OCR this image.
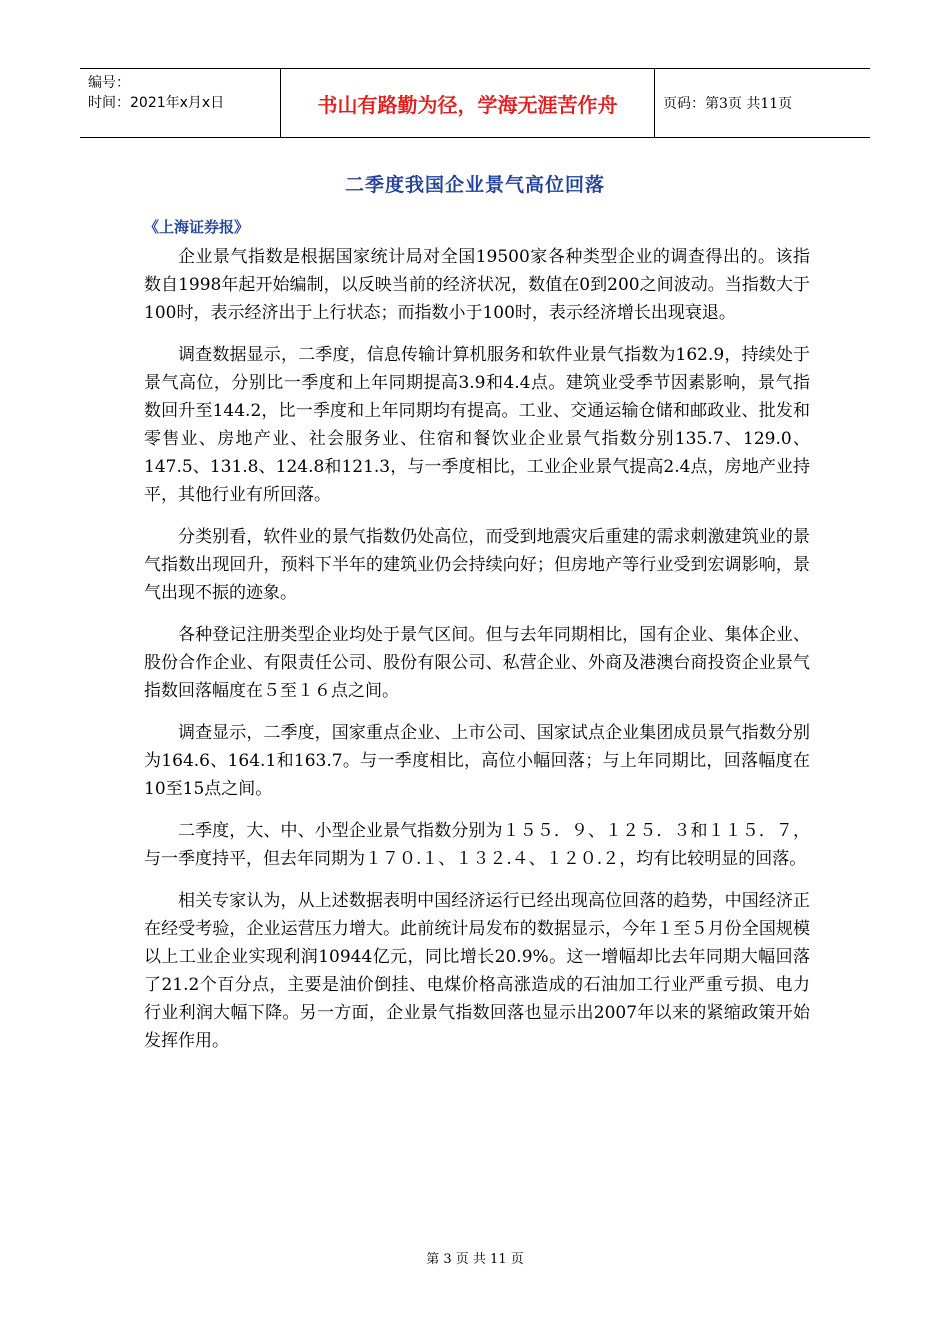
编号：
时间：2021年x月x日	书山有路勤为径，学海无涯苦作舟	页码：第3页 共11页
二季度我国企业景气高位回落
《上海证券报》

企业景气指数是根据国家统计局对全国19500家各种类型企业的调查得出的。该指数自1998年起开始编制，以反映当前的经济状况，数值在0到200之间波动。当指数大于100时，表示经济出于上行状态；而指数小于100时，表示经济增长出现衰退。

调查数据显示，二季度，信息传输计算机服务和软件业景气指数为162.9，持续处于景气高位，分别比一季度和上年同期提高3.9和4.4点。建筑业受季节因素影响，景气指数回升至144.2，比一季度和上年同期均有提高。工业、交通运输仓储和邮政业、批发和零售业、房地产业、社会服务业、住宿和餐饮业企业景气指数分别135.7、129.0、147.5、131.8、124.8和121.3，与一季度相比，工业企业景气提高2.4点，房地产业持平，其他行业有所回落。

分类别看，软件业的景气指数仍处高位，而受到地震灾后重建的需求刺激建筑业的景气指数出现回升，预料下半年的建筑业仍会持续向好；但房地产等行业受到宏调影响，景气出现不振的迹象。

各种登记注册类型企业均处于景气区间。但与去年同期相比，国有企业、集体企业、股份合作企业、有限责任公司、股份有限公司、私营企业、外商及港澳台商投资企业景气指数回落幅度在５至１６点之间。

调查显示，二季度，国家重点企业、上市公司、国家试点企业集团成员景气指数分别为164.6、164.1和163.7。与一季度相比，高位小幅回落；与上年同期比，回落幅度在10至15点之间。

二季度，大、中、小型企业景气指数分别为１５５．９、１２５．３和１１５．７，与一季度持平，但去年同期为１７０.１、１３２.４、１２０.２，均有比较明显的回落。

相关专家认为，从上述数据表明中国经济运行已经出现高位回落的趋势，中国经济正在经受考验，企业运营压力增大。此前统计局发布的数据显示，今年１至５月份全国规模以上工业企业实现利润10944亿元，同比增长20.9%。这一增幅却比去年同期大幅回落了21.2个百分点，主要是油价倒挂、电煤价格高涨造成的石油加工行业严重亏损、电力行业利润大幅下降。另一方面，企业景气指数回落也显示出2007年以来的紧缩政策开始发挥作用。

第 3 页 共 11 页
